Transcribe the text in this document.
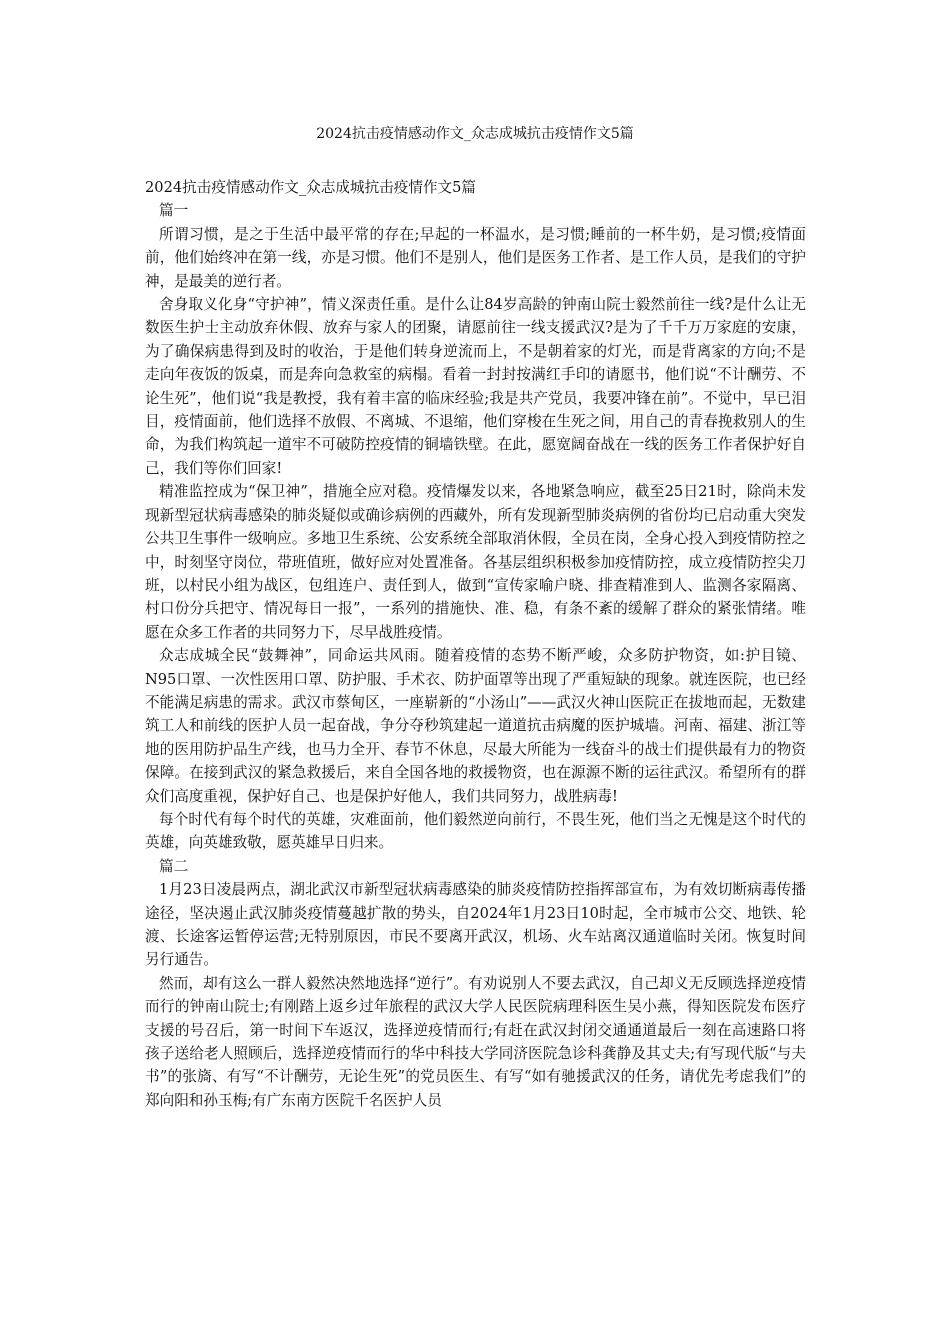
2024抗击疫情感动作文_众志成城抗击疫情作文5篇

2024抗击疫情感动作文_众志成城抗击疫情作文5篇

篇一

所谓习惯，是之于生活中最平常的存在;早起的一杯温水，是习惯;睡前的一杯牛奶，是习惯;疫情面前，他们始终冲在第一线，亦是习惯。他们不是别人，他们是医务工作者、是工作人员，是我们的守护神，是最美的逆行者。

舍身取义化身“守护神”，情义深责任重。是什么让84岁高龄的钟南山院士毅然前往一线?是什么让无数医生护士主动放弃休假、放弃与家人的团聚，请愿前往一线支援武汉?是为了千千万万家庭的安康，为了确保病患得到及时的收治，于是他们转身逆流而上，不是朝着家的灯光，而是背离家的方向;不是走向年夜饭的饭桌，而是奔向急救室的病榻。看着一封封按满红手印的请愿书，他们说“不计酬劳、不论生死”，他们说“我是教授，我有着丰富的临床经验;我是共产党员，我要冲锋在前”。不觉中，早已泪目，疫情面前，他们选择不放假、不离城、不退缩，他们穿梭在生死之间，用自己的青春挽救别人的生命，为我们构筑起一道牢不可破防控疫情的铜墙铁壁。在此，愿宽阔奋战在一线的医务工作者保护好自己，我们等你们回家!

精准监控成为“保卫神”，措施全应对稳。疫情爆发以来，各地紧急响应，截至25日21时，除尚未发现新型冠状病毒感染的肺炎疑似或确诊病例的西藏外，所有发现新型肺炎病例的省份均已启动重大突发公共卫生事件一级响应。多地卫生系统、公安系统全部取消休假，全员在岗，全身心投入到疫情防控之中，时刻坚守岗位，带班值班，做好应对处置准备。各基层组织积极参加疫情防控，成立疫情防控尖刀班，以村民小组为战区，包组连户、责任到人，做到“宣传家喻户晓、排查精准到人、监测各家隔离、村口份分兵把守、情况每日一报”，一系列的措施快、准、稳，有条不紊的缓解了群众的紧张情绪。唯愿在众多工作者的共同努力下，尽早战胜疫情。

众志成城全民“鼓舞神”，同命运共风雨。随着疫情的态势不断严峻，众多防护物资，如:护目镜、N95口罩、一次性医用口罩、防护服、手术衣、防护面罩等出现了严重短缺的现象。就连医院，也已经不能满足病患的需求。武汉市蔡甸区，一座崭新的“小汤山”——武汉火神山医院正在拔地而起，无数建筑工人和前线的医护人员一起奋战，争分夺秒筑建起一道道抗击病魔的医护城墙。河南、福建、浙江等地的医用防护品生产线，也马力全开、春节不休息，尽最大所能为一线奋斗的战士们提供最有力的物资保障。在接到武汉的紧急救援后，来自全国各地的救援物资，也在源源不断的运往武汉。希望所有的群众们高度重视，保护好自己、也是保护好他人，我们共同努力，战胜病毒!

每个时代有每个时代的英雄，灾难面前，他们毅然逆向前行，不畏生死，他们当之无愧是这个时代的英雄，向英雄致敬，愿英雄早日归来。

篇二

1月23日凌晨两点，湖北武汉市新型冠状病毒感染的肺炎疫情防控指挥部宣布，为有效切断病毒传播途径，坚决遏止武汉肺炎疫情蔓越扩散的势头，自2024年1月23日10时起，全市城市公交、地铁、轮渡、长途客运暂停运营;无特别原因，市民不要离开武汉，机场、火车站离汉通道临时关闭。恢复时间另行通告。

然而，却有这么一群人毅然决然地选择“逆行”。有劝说别人不要去武汉，自己却义无反顾选择逆疫情而行的钟南山院士;有刚踏上返乡过年旅程的武汉大学人民医院病理科医生吴小燕，得知医院发布医疗支援的号召后，第一时间下车返汉，选择逆疫情而行;有赶在武汉封闭交通通道最后一刻在高速路口将孩子送给老人照顾后，选择逆疫情而行的华中科技大学同济医院急诊科龚静及其丈夫;有写现代版“与夫书”的张旖、有写“不计酬劳，无论生死”的党员医生、有写“如有驰援武汉的任务，请优先考虑我们”的郑向阳和孙玉梅;有广东南方医院千名医护人员
